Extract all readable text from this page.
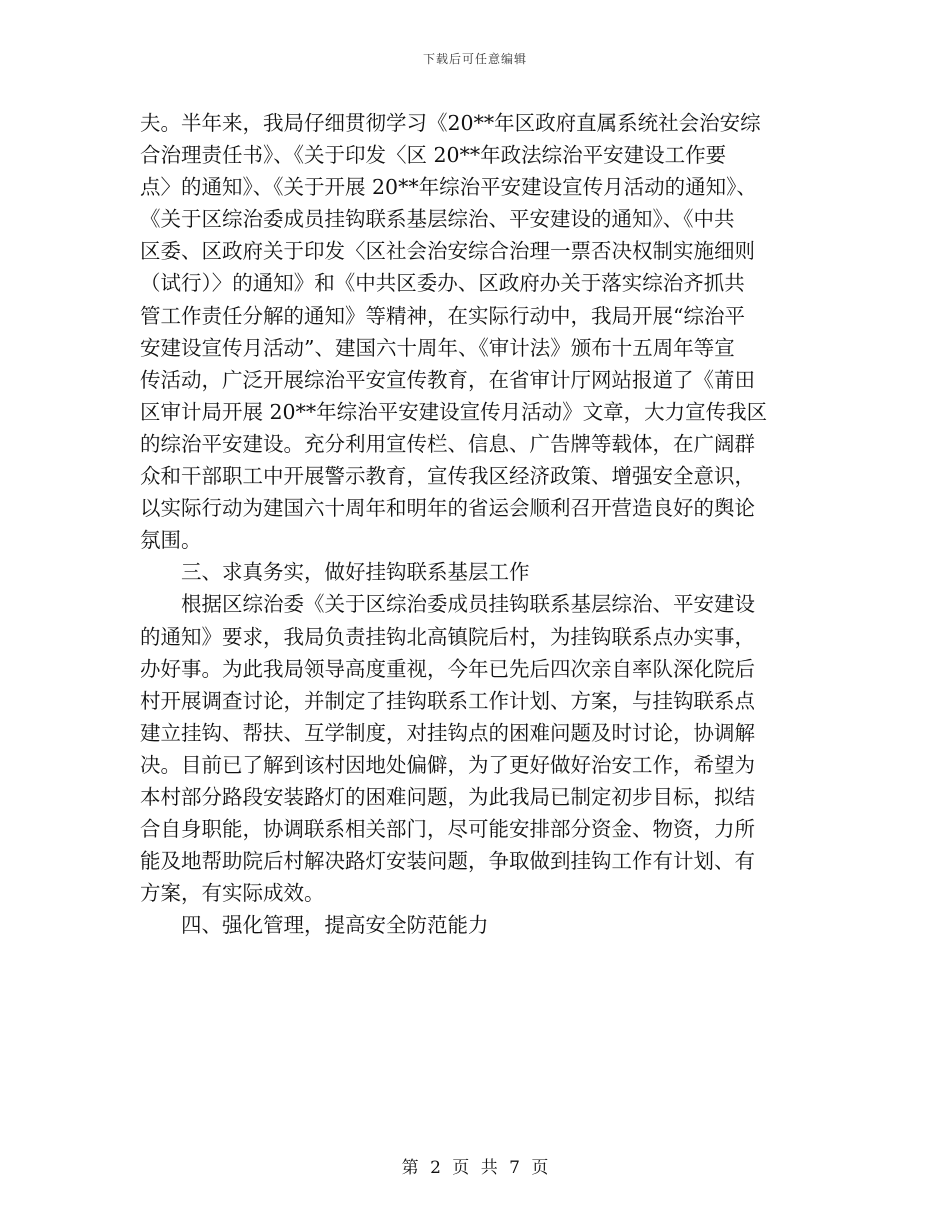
下载后可任意编辑
夫。半年来，我局仔细贯彻学习《20**年区政府直属系统社会治安综
合治理责任书》、《关于印发〈区 20**年政法综治平安建设工作要
点〉的通知》、《关于开展 20**年综治平安建设宣传月活动的通知》、
《关于区综治委成员挂钩联系基层综治、平安建设的通知》、《中共
区委、区政府关于印发〈区社会治安综合治理一票否决权制实施细则
（试行）〉的通知》和《中共区委办、区政府办关于落实综治齐抓共
管工作责任分解的通知》等精神，在实际行动中，我局开展“综治平
安建设宣传月活动”、建国六十周年、《审计法》颁布十五周年等宣
传活动，广泛开展综治平安宣传教育，在省审计厅网站报道了《莆田
区审计局开展 20**年综治平安建设宣传月活动》文章，大力宣传我区
的综治平安建设。充分利用宣传栏、信息、广告牌等载体，在广阔群
众和干部职工中开展警示教育，宣传我区经济政策、增强安全意识，
以实际行动为建国六十周年和明年的省运会顺利召开营造良好的舆论
氛围。
三、求真务实，做好挂钩联系基层工作
根据区综治委《关于区综治委成员挂钩联系基层综治、平安建设
的通知》要求，我局负责挂钩北高镇院后村，为挂钩联系点办实事，
办好事。为此我局领导高度重视，今年已先后四次亲自率队深化院后
村开展调查讨论，并制定了挂钩联系工作计划、方案，与挂钩联系点
建立挂钩、帮扶、互学制度，对挂钩点的困难问题及时讨论，协调解
决。目前已了解到该村因地处偏僻，为了更好做好治安工作，希望为
本村部分路段安装路灯的困难问题，为此我局已制定初步目标，拟结
合自身职能，协调联系相关部门，尽可能安排部分资金、物资，力所
能及地帮助院后村解决路灯安装问题，争取做到挂钩工作有计划、有
方案，有实际成效。
四、强化管理，提高安全防范能力
第 2 页 共 7 页
